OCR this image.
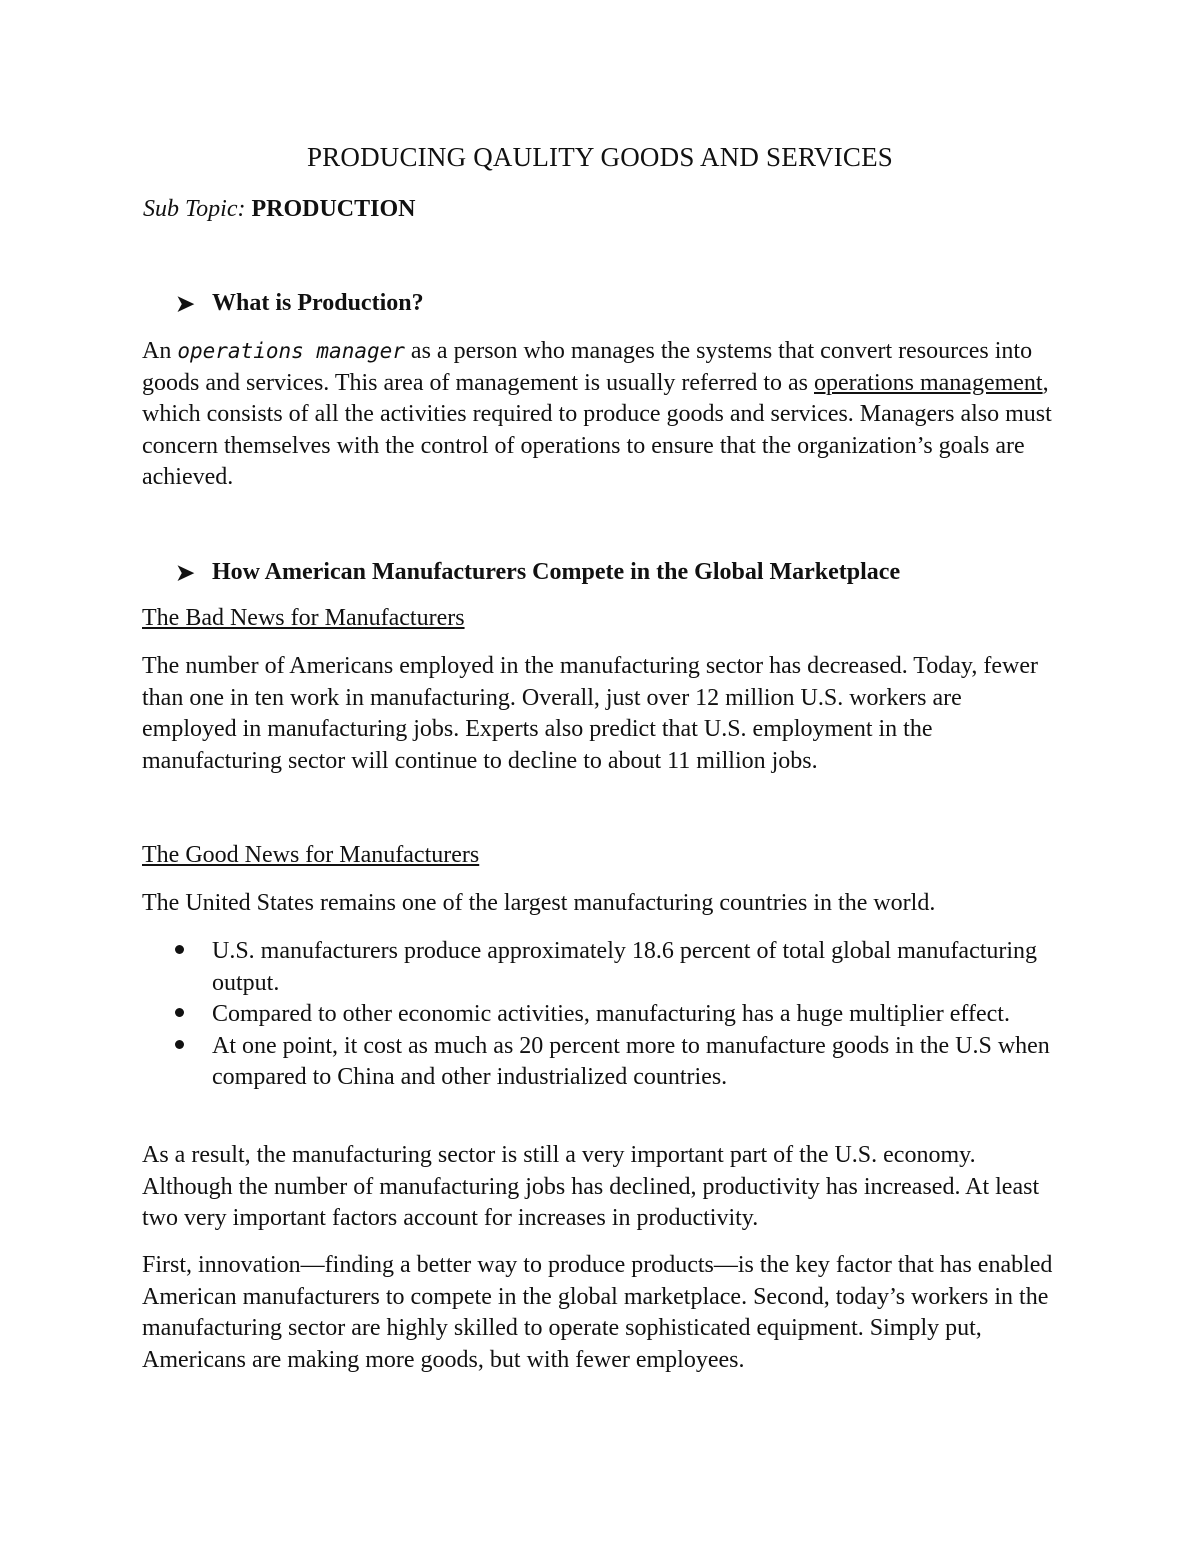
PRODUCING QAULITY GOODS AND SERVICES

Sub Topic: PRODUCTION

➤ What is Production?

An operations manager as a person who manages the systems that convert resources into goods and services. This area of management is usually referred to as operations management, which consists of all the activities required to produce goods and services. Managers also must concern themselves with the control of operations to ensure that the organization’s goals are achieved.

➤ How American Manufacturers Compete in the Global Marketplace

The Bad News for Manufacturers

The number of Americans employed in the manufacturing sector has decreased. Today, fewer than one in ten work in manufacturing. Overall, just over 12 million U.S. workers are employed in manufacturing jobs. Experts also predict that U.S. employment in the manufacturing sector will continue to decline to about 11 million jobs.

The Good News for Manufacturers

The United States remains one of the largest manufacturing countries in the world.

U.S. manufacturers produce approximately 18.6 percent of total global manufacturing output.
Compared to other economic activities, manufacturing has a huge multiplier effect.
At one point, it cost as much as 20 percent more to manufacture goods in the U.S when compared to China and other industrialized countries.

As a result, the manufacturing sector is still a very important part of the U.S. economy. Although the number of manufacturing jobs has declined, productivity has increased. At least two very important factors account for increases in productivity.

First, innovation—finding a better way to produce products—is the key factor that has enabled American manufacturers to compete in the global marketplace. Second, today’s workers in the manufacturing sector are highly skilled to operate sophisticated equipment. Simply put, Americans are making more goods, but with fewer employees.
